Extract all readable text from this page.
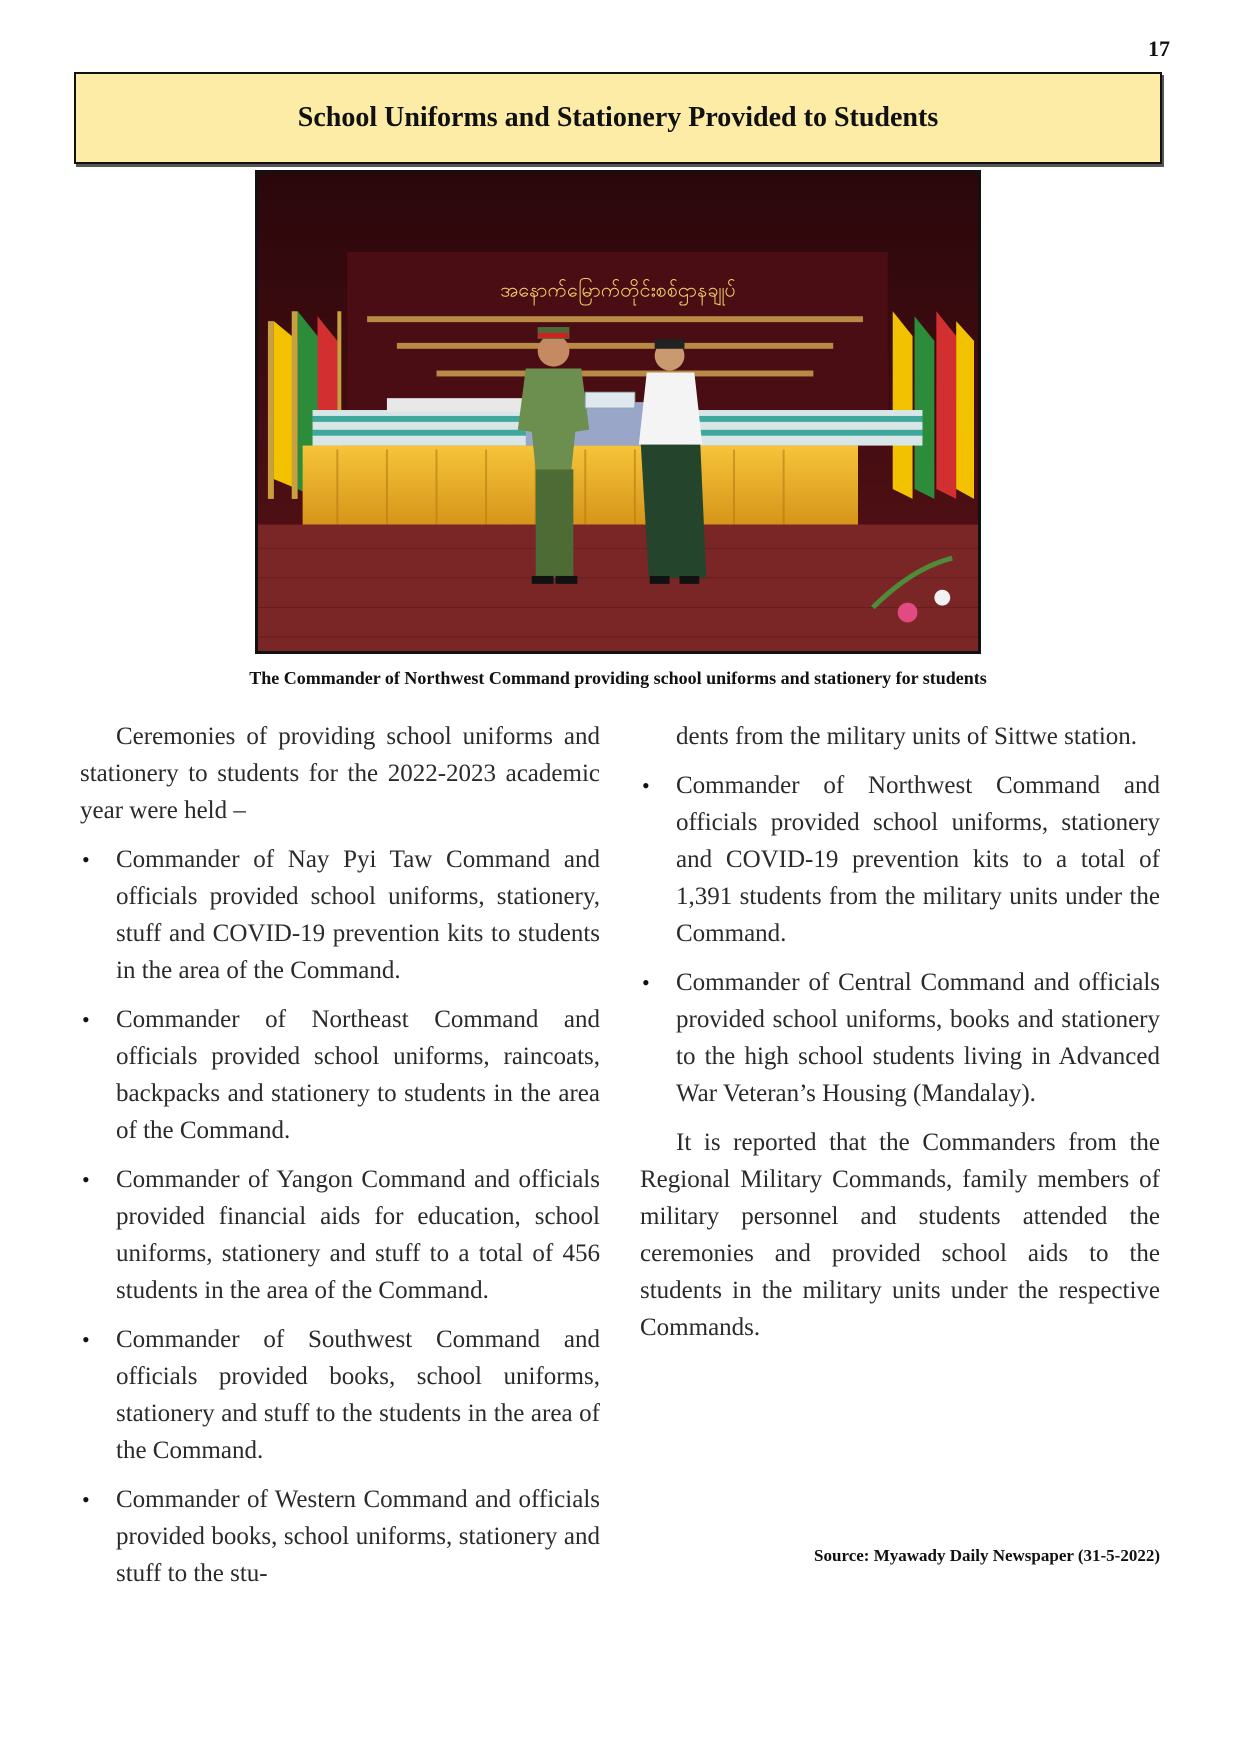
17
School Uniforms and Stationery Provided to Students
အနောက်မြောက်တိုင်းစစ်ဌာနချုပ်
The Commander of Northwest Command providing school uniforms and stationery for students

Ceremonies of providing school uniforms and stationery to students for the 2022-2023 academic year were held –

• Commander of Nay Pyi Taw Command and officials provided school uniforms, stationery, stuff and COVID-19 prevention kits to students in the area of the Command.
• Commander of Northeast Command and officials provided school uniforms, raincoats, backpacks and stationery to students in the area of the Command.
• Commander of Yangon Command and officials provided financial aids for education, school uniforms, stationery and stuff to a total of 456 students in the area of the Command.
• Commander of Southwest Command and officials provided books, school uniforms, stationery and stuff to the students in the area of the Command.
• Commander of Western Command and officials provided books, school uniforms, stationery and stuff to the stu-

dents from the military units of Sittwe station.

• Commander of Northwest Command and officials provided school uniforms, stationery and COVID-19 prevention kits to a total of 1,391 students from the military units under the Command.
• Commander of Central Command and officials provided school uniforms, books and stationery to the high school students living in Advanced War Veteran’s Housing (Mandalay).

It is reported that the Commanders from the Regional Military Commands, family members of military personnel and students attended the ceremonies and provided school aids to the students in the military units under the respective Commands.

Source: Myawady Daily Newspaper (31-5-2022)
